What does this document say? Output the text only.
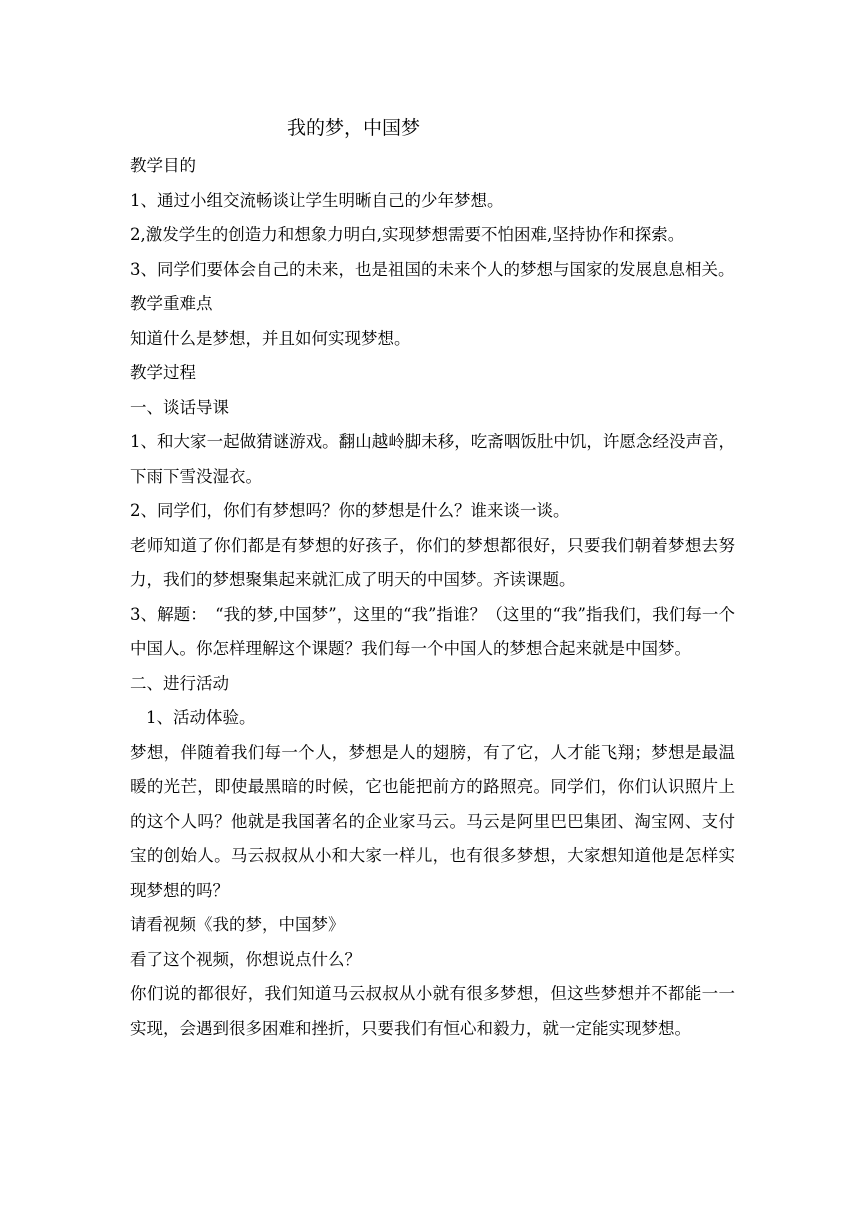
我的梦，中国梦

教学目的

1、通过小组交流畅谈让学生明晰自己的少年梦想。

2,激发学生的创造力和想象力明白,实现梦想需要不怕困难,坚持协作和探索。

3、同学们要体会自己的未来，也是祖国的未来个人的梦想与国家的发展息息相关。

教学重难点

知道什么是梦想，并且如何实现梦想。

教学过程

一、谈话导课

1、和大家一起做猜谜游戏。翻山越岭脚未移，吃斋咽饭肚中饥，许愿念经没声音，下雨下雪没湿衣。

2、同学们，你们有梦想吗？你的梦想是什么？谁来谈一谈。

老师知道了你们都是有梦想的好孩子，你们的梦想都很好，只要我们朝着梦想去努力，我们的梦想聚集起来就汇成了明天的中国梦。齐读课题。

3、解题：　“我的梦,中国梦”，这里的“我”指谁？（这里的“我”指我们，我们每一个中国人。你怎样理解这个课题？我们每一个中国人的梦想合起来就是中国梦。

二、进行活动

1、活动体验。

梦想，伴随着我们每一个人，梦想是人的翅膀，有了它，人才能飞翔；梦想是最温暖的光芒，即使最黑暗的时候，它也能把前方的路照亮。同学们，你们认识照片上的这个人吗？他就是我国著名的企业家马云。马云是阿里巴巴集团、淘宝网、支付宝的创始人。马云叔叔从小和大家一样儿，也有很多梦想，大家想知道他是怎样实现梦想的吗？

请看视频《我的梦，中国梦》

看了这个视频，你想说点什么？

你们说的都很好，我们知道马云叔叔从小就有很多梦想，但这些梦想并不都能一一实现，会遇到很多困难和挫折，只要我们有恒心和毅力，就一定能实现梦想。
